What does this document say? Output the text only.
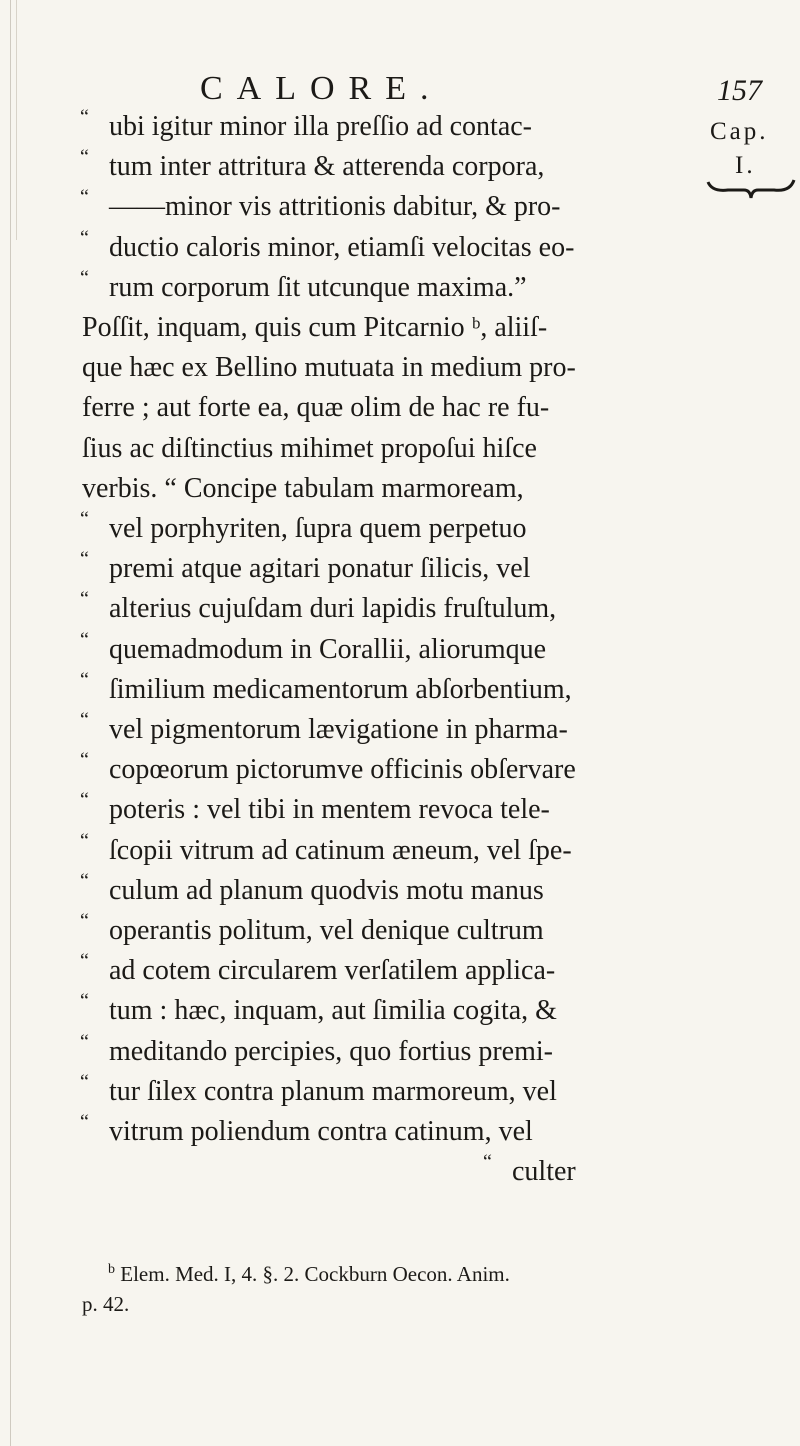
CALORE.	157
Cap.
I.
“ ubi igitur minor illa preſſio ad contac-
“ tum inter attritura & atterenda corpora,
“ ——minor vis attritionis dabitur, & pro-
“ ductio caloris minor, etiamſi velocitas eo-
“ rum corporum ſit utcunque maxima.”
Poſſit, inquam, quis cum Pitcarnio ᵇ, aliiſ-
que hæc ex Bellino mutuata in medium pro-
ferre ; aut forte ea, quæ olim de hac re fu-
ſius ac diſtinctius mihimet propoſui hiſce
verbis. “ Concipe tabulam marmoream,
“ vel porphyriten, ſupra quem perpetuo
“ premi atque agitari ponatur ſilicis, vel
“ alterius cujuſdam duri lapidis fruſtulum,
“ quemadmodum in Corallii, aliorumque
“ ſimilium medicamentorum abſorbentium,
“ vel pigmentorum lævigatione in pharma-
“ copœorum pictorumve officinis obſervare
“ poteris : vel tibi in mentem revoca tele-
“ ſcopii vitrum ad catinum æneum, vel ſpe-
“ culum ad planum quodvis motu manus
“ operantis politum, vel denique cultrum
“ ad cotem circularem verſatilem applica-
“ tum : hæc, inquam, aut ſimilia cogita, &
“ meditando percipies, quo fortius premi-
“ tur ſilex contra planum marmoreum, vel
“ vitrum poliendum contra catinum, vel
“ culter
$^b$ Elem. Med. I, 4. §. 2. Cockburn Oecon. Anim.
p. 42.
